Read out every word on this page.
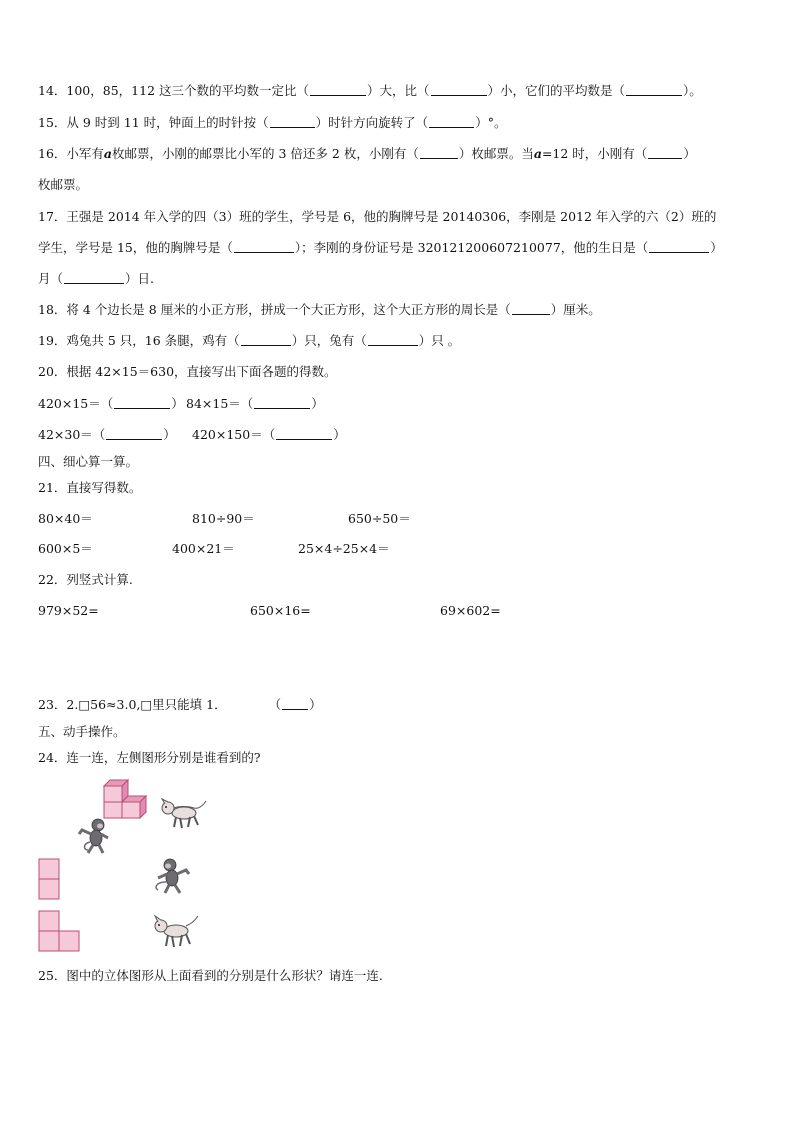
14．100，85，112 这三个数的平均数一定比（	）大，比（	）小，它们的平均数是（	）。
15．从 9 时到 11 时，钟面上的时针按（	）时针方向旋转了（	）°。
16．小军有a枚邮票，小刚的邮票比小军的 3 倍还多 2 枚，小刚有（	）枚邮票。当a=12 时，小刚有（	）
枚邮票。
17．王强是 2014 年入学的四（3）班的学生，学号是 6，他的胸牌号是 20140306，李刚是 2012 年入学的六（2）班的
学生，学号是 15，他的胸牌号是（	）；李刚的身份证号是 320121200607210077，他的生日是（	）
月（	）日.
18．将 4 个边长是 8 厘米的小正方形，拼成一个大正方形，这个大正方形的周长是（	）厘米。
19．鸡兔共 5 只，16 条腿，鸡有（	）只，兔有（	）只 。
20．根据 42×15＝630，直接写出下面各题的得数。
420×15＝（	） 84×15＝（	）
42×30＝（	） 420×150＝（	）
四、细心算一算。
21．直接写得数。
80×40＝	810÷90＝	650÷50＝
600×5＝	400×21＝	25×4÷25×4＝
22．列竖式计算.
979×52=	650×16=	69×602=
23．2.□56≈3.0,□里只能填 1．	（ ）
五、动手操作。
24．连一连，左侧图形分别是谁看到的?
25．图中的立体图形从上面看到的分别是什么形状？请连一连.
